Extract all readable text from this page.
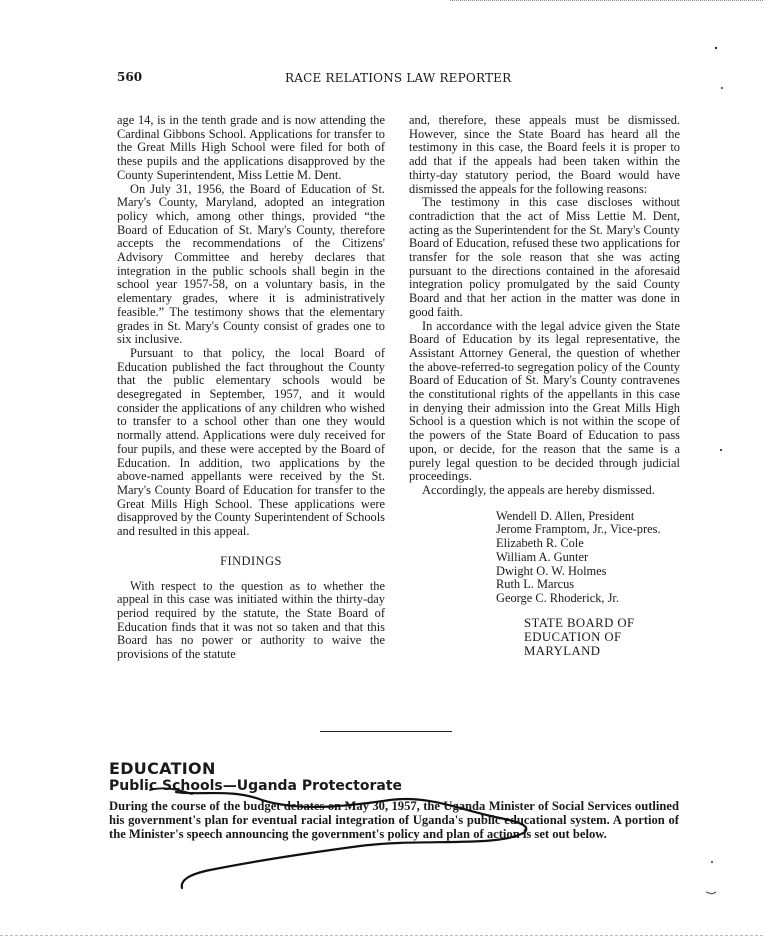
560	RACE RELATIONS LAW REPORTER

age 14, is in the tenth grade and is now attending the Cardinal Gibbons School. Applications for transfer to the Great Mills High School were filed for both of these pupils and the applications disapproved by the County Superintendent, Miss Lettie M. Dent.

On July 31, 1956, the Board of Education of St. Mary's County, Maryland, adopted an integration policy which, among other things, provided “the Board of Education of St. Mary's County, therefore accepts the recommendations of the Citizens' Advisory Committee and hereby declares that integration in the public schools shall begin in the school year 1957-58, on a voluntary basis, in the elementary grades, where it is administratively feasible.” The testimony shows that the elementary grades in St. Mary's County consist of grades one to six inclusive.

Pursuant to that policy, the local Board of Education published the fact throughout the County that the public elementary schools would be desegregated in September, 1957, and it would consider the applications of any children who wished to transfer to a school other than one they would normally attend. Applications were duly received for four pupils, and these were accepted by the Board of Education. In addition, two applications by the above-named appellants were received by the St. Mary's County Board of Education for transfer to the Great Mills High School. These applications were disapproved by the County Superintendent of Schools and resulted in this appeal.

FINDINGS

With respect to the question as to whether the appeal in this case was initiated within the thirty-day period required by the statute, the State Board of Education finds that it was not so taken and that this Board has no power or authority to waive the provisions of the statute

and, therefore, these appeals must be dismissed. However, since the State Board has heard all the testimony in this case, the Board feels it is proper to add that if the appeals had been taken within the thirty-day statutory period, the Board would have dismissed the appeals for the following reasons:

The testimony in this case discloses without contradiction that the act of Miss Lettie M. Dent, acting as the Superintendent for the St. Mary's County Board of Education, refused these two applications for transfer for the sole reason that she was acting pursuant to the directions contained in the aforesaid integration policy promulgated by the said County Board and that her action in the matter was done in good faith.

In accordance with the legal advice given the State Board of Education by its legal representative, the Assistant Attorney General, the question of whether the above-referred-to segregation policy of the County Board of Education of St. Mary's County contravenes the constitutional rights of the appellants in this case in denying their admission into the Great Mills High School is a question which is not within the scope of the powers of the State Board of Education to pass upon, or decide, for the reason that the same is a purely legal question to be decided through judicial proceedings.

Accordingly, the appeals are hereby dismissed.

Wendell D. Allen, President
Jerome Framptom, Jr., Vice-pres.
Elizabeth R. Cole
William A. Gunter
Dwight O. W. Holmes
Ruth L. Marcus
George C. Rhoderick, Jr.
STATE BOARD OF
EDUCATION OF
MARYLAND
EDUCATION
Public Schools—Uganda Protectorate
During the course of the budget debates on May 30, 1957, the Uganda Minister of Social Services outlined his government's plan for eventual racial integration of Uganda's public educational system. A portion of the Minister's speech announcing the government's policy and plan of action is set out below.
